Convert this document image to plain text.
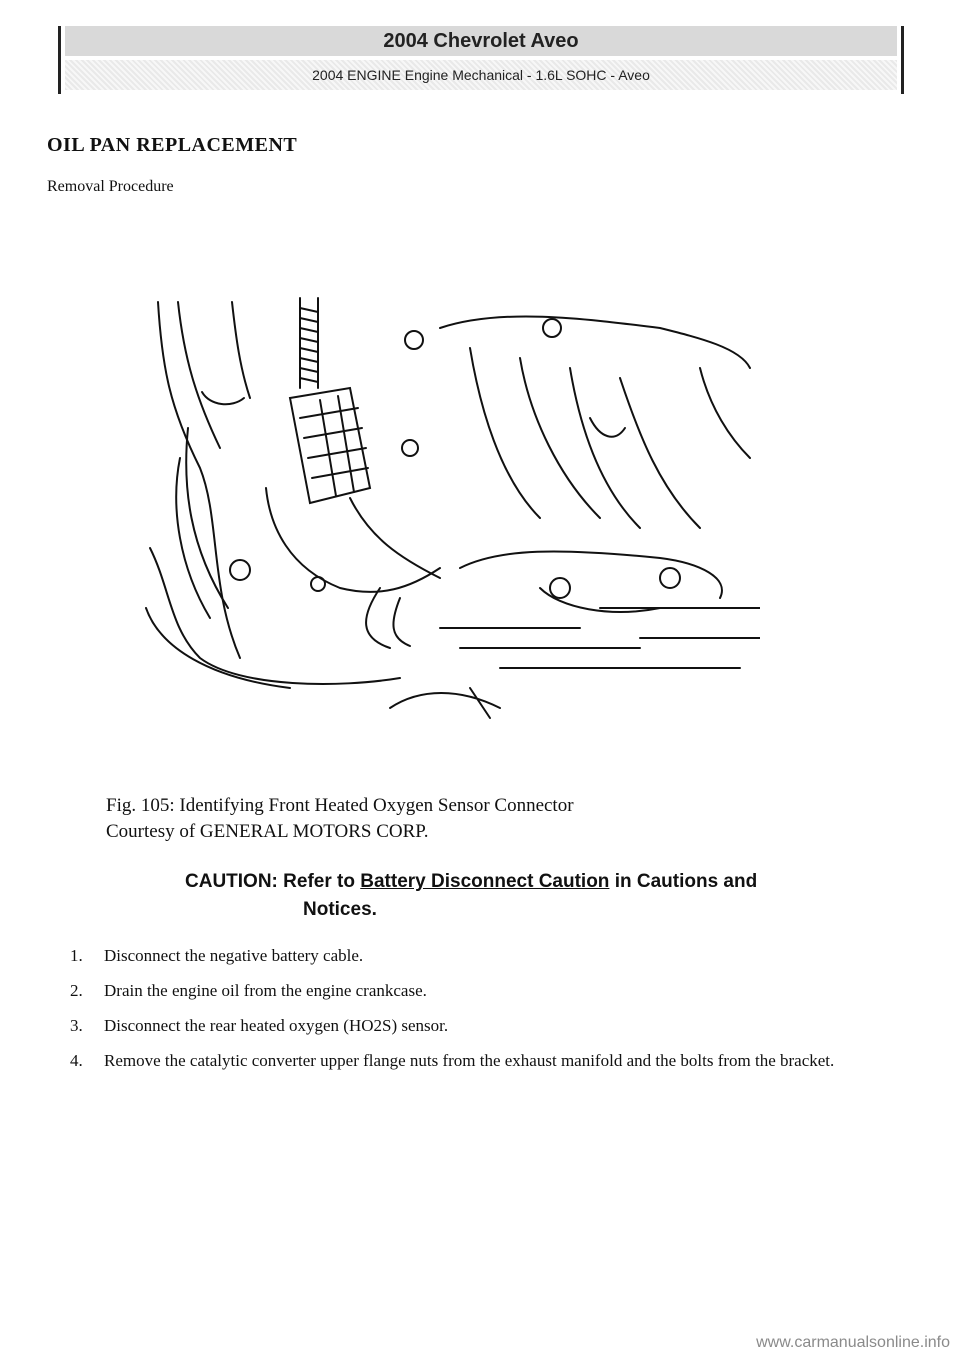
2004 Chevrolet Aveo
2004 ENGINE Engine Mechanical - 1.6L SOHC - Aveo
OIL PAN REPLACEMENT
Removal Procedure
Fig. 105: Identifying Front Heated Oxygen Sensor Connector
Courtesy of GENERAL MOTORS CORP.
CAUTION: Refer to Battery Disconnect Caution in Cautions and
Notices.
1.	Disconnect the negative battery cable.
2.	Drain the engine oil from the engine crankcase.
3.	Disconnect the rear heated oxygen (HO2S) sensor.
4.	Remove the catalytic converter upper flange nuts from the exhaust manifold and the bolts from the bracket.
www.carmanualsonline.info
